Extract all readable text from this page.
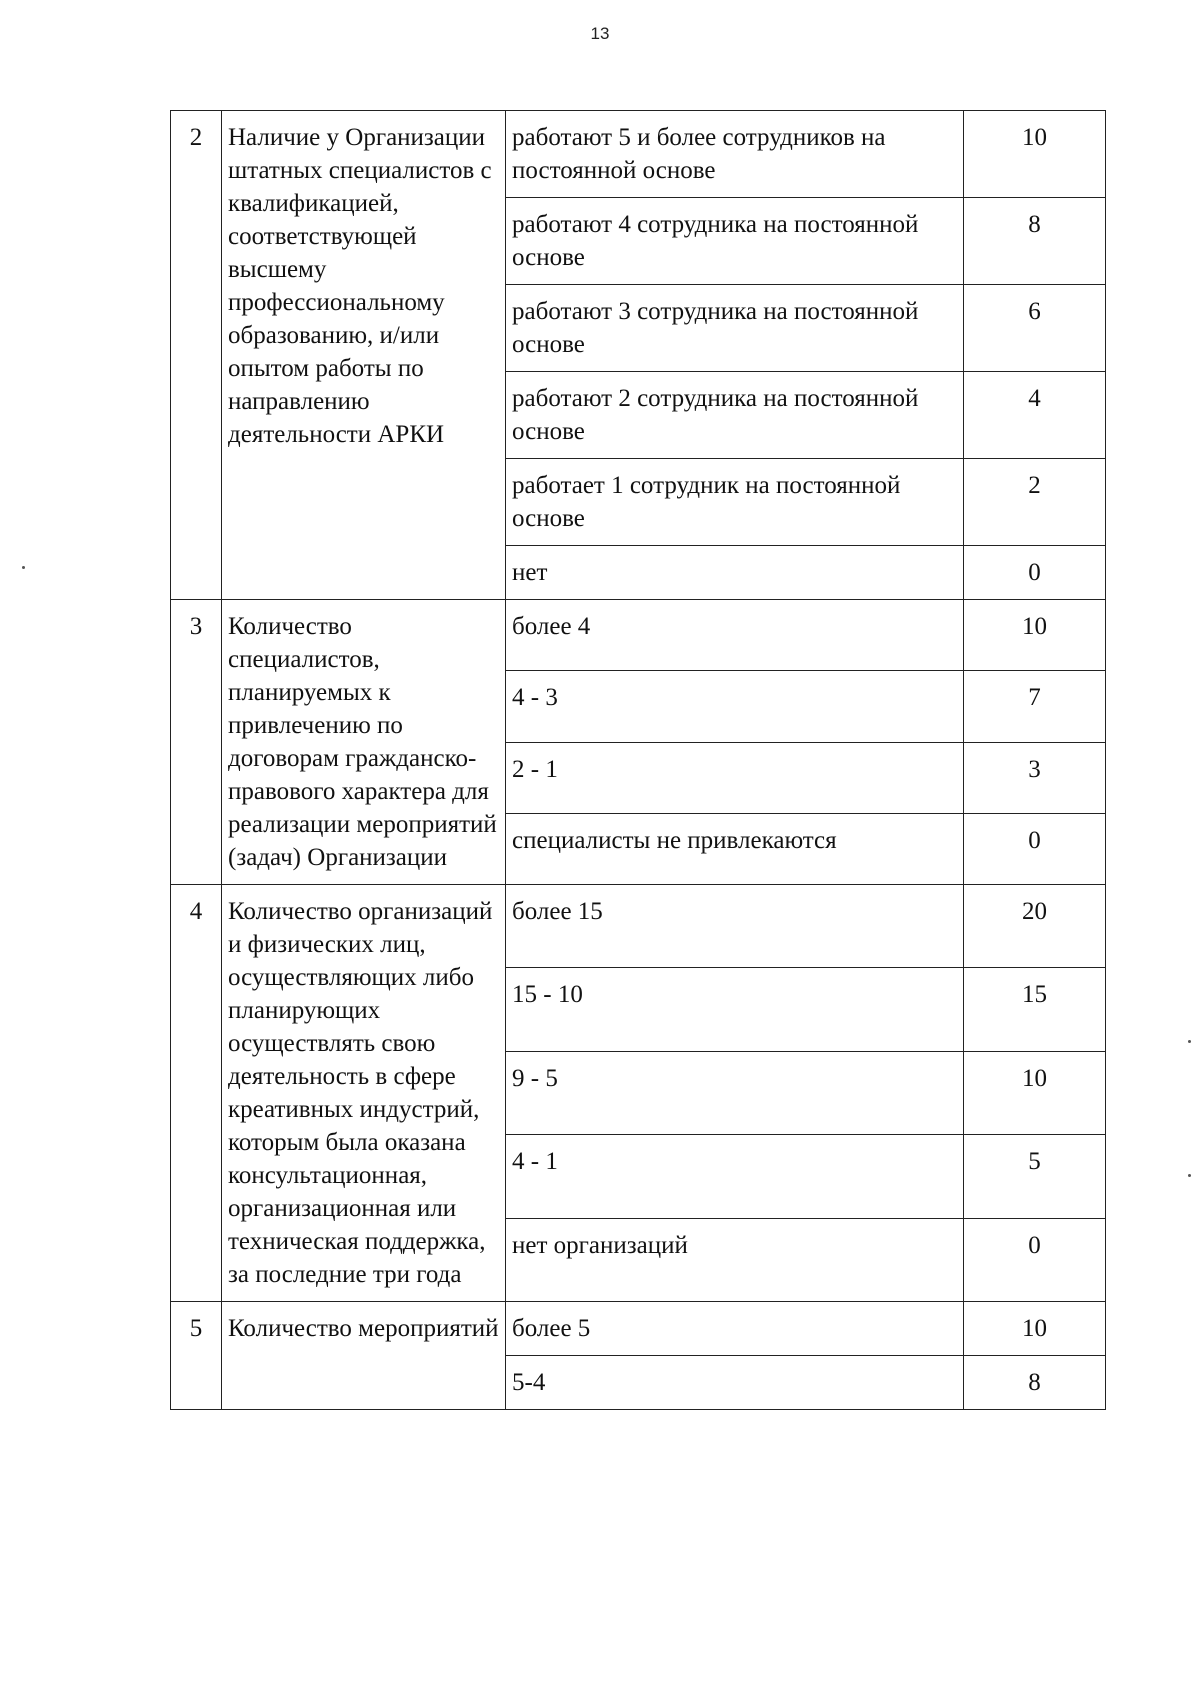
13
2	Наличие у Организации штатных специалистов с квалификацией, соответствующей высшему профессиональному образованию, и/или опытом работы по направлению деятельности АРКИ	работают 5 и более сотрудников на постоянной основе	10
		работают 4 сотрудника на постоянной основе	8
		работают 3 сотрудника на постоянной основе	6
		работают 2 сотрудника на постоянной основе	4
		работает 1 сотрудник на постоянной основе	2
		нет	0
3	Количество специалистов, планируемых к привлечению по договорам гражданско-правового характера для реализации мероприятий (задач) Организации	более 4	10
		4 - 3	7
		2 - 1	3
		специалисты не привлекаются	0
4	Количество организаций и физических лиц, осуществляющих либо планирующих осуществлять свою деятельность в сфере креативных индустрий, которым была оказана консультационная, организационная или техническая поддержка, за последние три года	более 15	20
		15 - 10	15
		9 - 5	10
		4 - 1	5
		нет организаций	0
5	Количество мероприятий	более 5	10
		5-4	8
